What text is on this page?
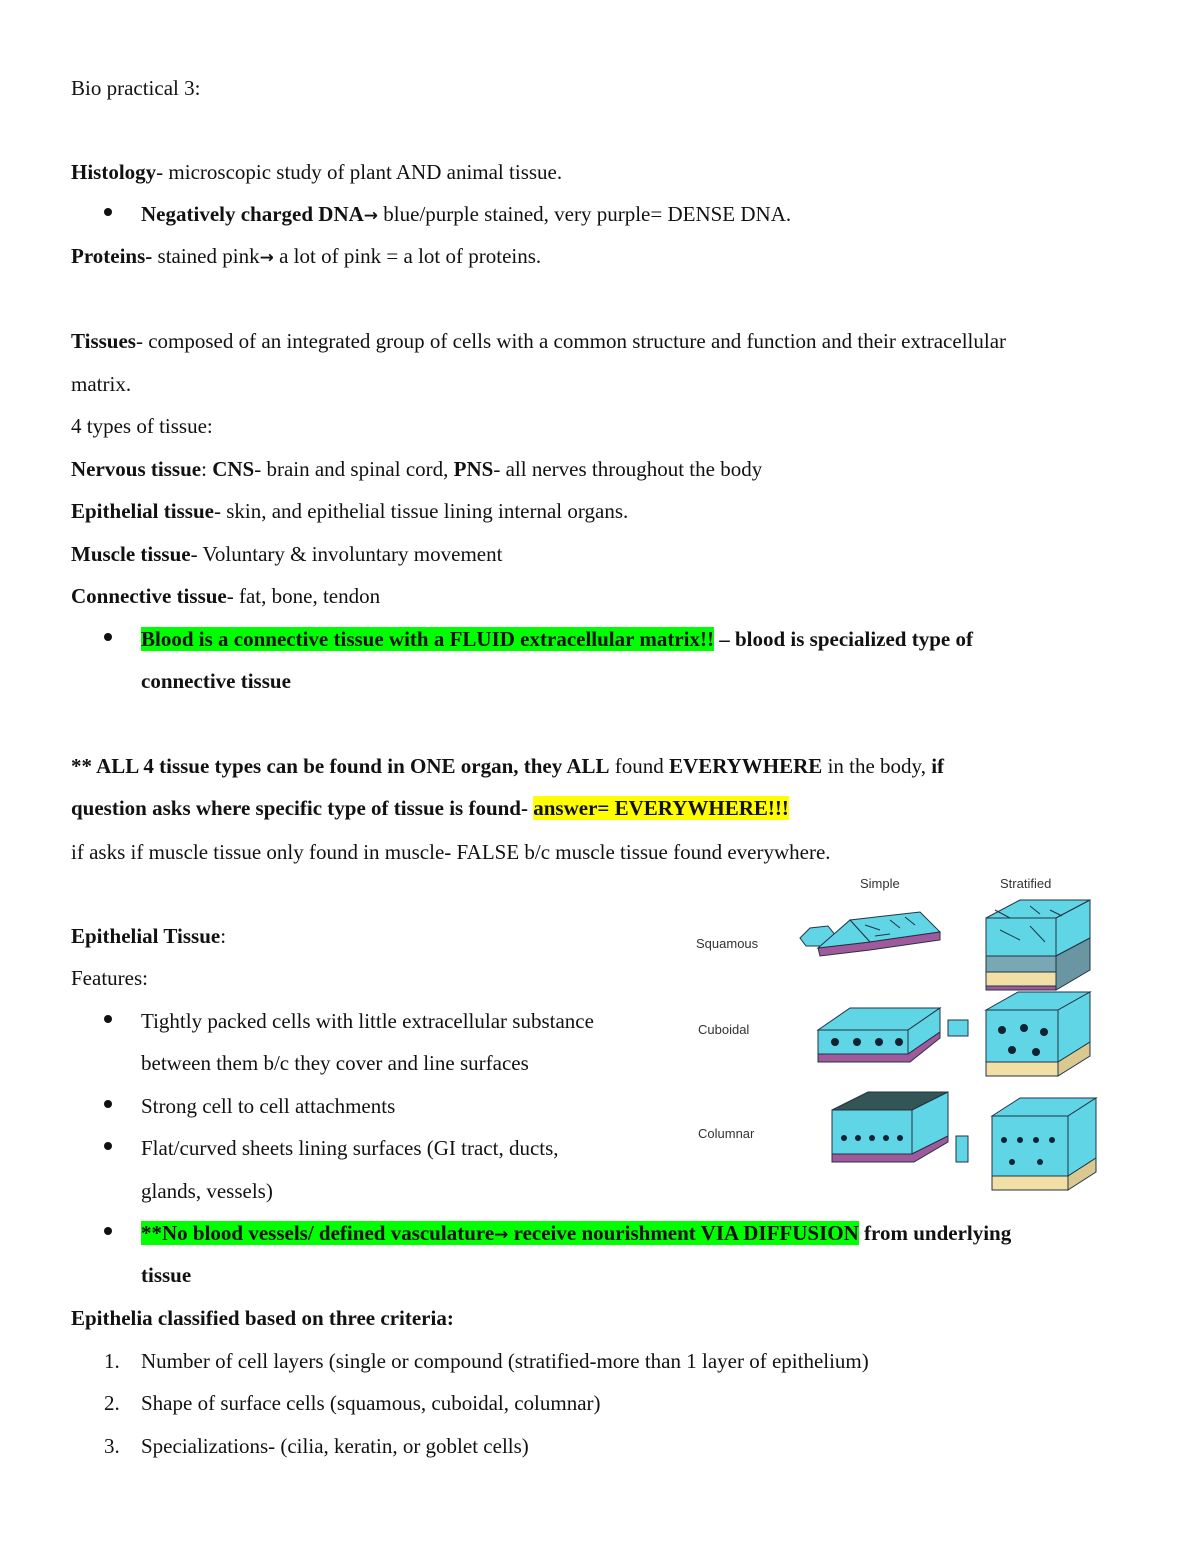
Bio practical 3:
Histology- microscopic study of plant AND animal tissue.
Negatively charged DNA→ blue/purple stained, very purple= DENSE DNA.
Proteins- stained pink→ a lot of pink = a lot of proteins.
Tissues- composed of an integrated group of cells with a common structure and function and their extracellular
matrix.
4 types of tissue:
Nervous tissue: CNS- brain and spinal cord, PNS- all nerves throughout the body
Epithelial tissue- skin, and epithelial tissue lining internal organs.
Muscle tissue- Voluntary & involuntary movement
Connective tissue- fat, bone, tendon
Blood is a connective tissue with a FLUID extracellular matrix!! – blood is specialized type of
connective tissue
** ALL 4 tissue types can be found in ONE organ, they ALL found EVERYWHERE in the body, if
question asks where specific type of tissue is found- answer= EVERYWHERE!!!
if asks if muscle tissue only found in muscle- FALSE b/c muscle tissue found everywhere.
Epithelial Tissue:
Features:
Tightly packed cells with little extracellular substance
between them b/c they cover and line surfaces
Strong cell to cell attachments
Flat/curved sheets lining surfaces (GI tract, ducts,
glands, vessels)
**No blood vessels/ defined vasculature→ receive nourishment VIA DIFFUSION from underlying
tissue
Epithelia classified based on three criteria:
1. Number of cell layers (single or compound (stratified-more than 1 layer of epithelium)
2. Shape of surface cells (squamous, cuboidal, columnar)
3. Specializations- (cilia, keratin, or goblet cells)
Simple	Stratified
Squamous
Cuboidal
Columnar
